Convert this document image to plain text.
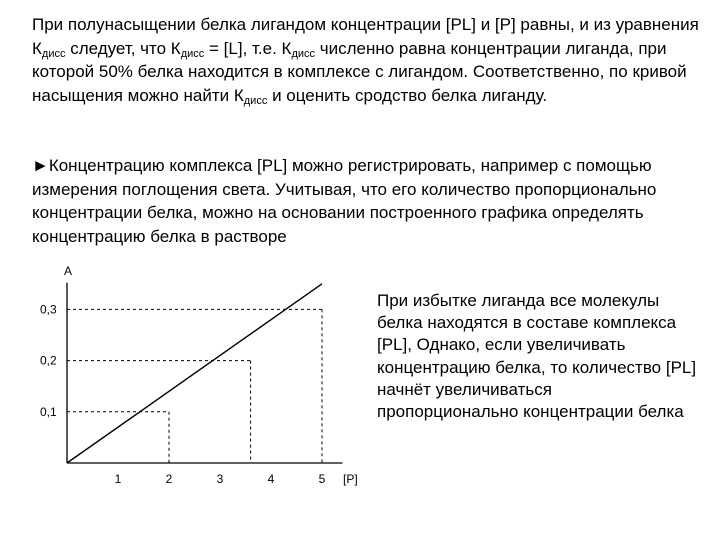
При полунасыщении белка лигандом концентрации [PL] и [P] равны, и из уравнения $К_{дисс}$ следует, что $К_{дисс} = [L]$, т.е. $К_{дисс}$ численно равна концентрации лиганда, при которой 50% белка находится в комплексе с лигандом. Соответственно, по кривой насыщения можно найти $К_{дисс}$ и оценить сродство белка лиганду.

►Концентрацию комплекса [PL] можно регистрировать, например с помощью измерения поглощения света. Учитывая, что его количество пропорционально концентрации белка, можно на основании построенного графика определять концентрацию белка в растворе

1	2	3	4	5
0,1
0,2
0,3
A
[P]

При избытке лиганда все молекулы белка находятся в составе комплекса [PL], Однако, если увеличивать концентрацию белка, то количество [PL] начнёт увеличиваться пропорционально концентрации белка
